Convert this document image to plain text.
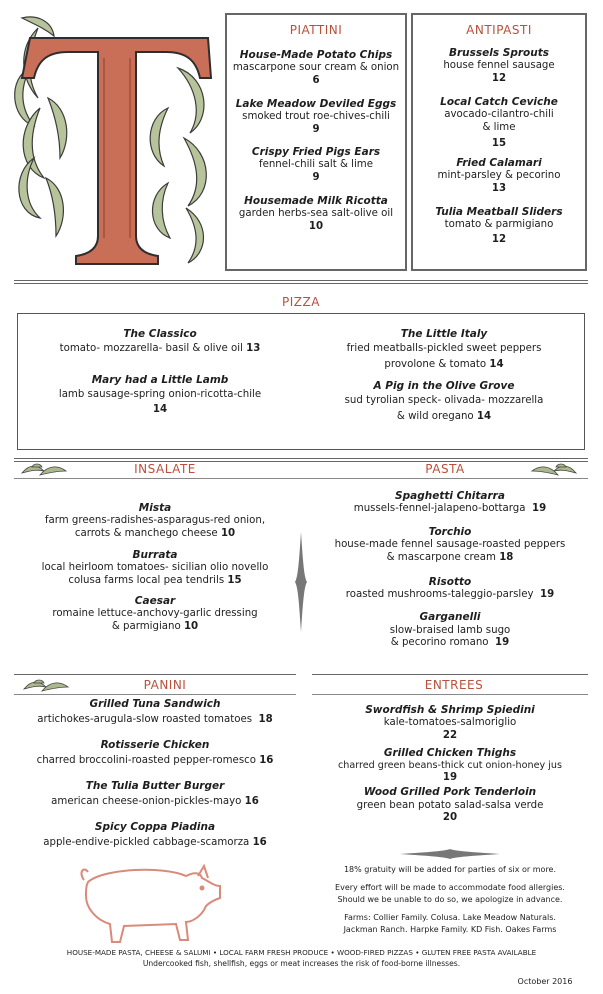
PIATTINI
House-Made Potato Chips
mascarpone sour cream & onion
6
Lake Meadow Deviled Eggs
smoked trout roe-chives-chili
9
Crispy Fried Pigs Ears
fennel-chili salt & lime
9
Housemade Milk Ricotta
garden herbs-sea salt-olive oil
10
ANTIPASTI
Brussels Sprouts
house fennel sausage
12
Local Catch Ceviche
avocado-cilantro-chili
& lime
15
Fried Calamari
mint-parsley & pecorino
13
Tulia Meatball Sliders
tomato & parmigiano
12
PIZZA
The Classico
tomato- mozzarella- basil & olive oil 13
Mary had a Little Lamb
lamb sausage-spring onion-ricotta-chile
14
The Little Italy
fried meatballs-pickled sweet peppers
provolone & tomato 14
A Pig in the Olive Grove
sud tyrolian speck- olivada- mozzarella
& wild oregano 14
INSALATE	PASTA
Mista
farm greens-radishes-asparagus-red onion,
carrots & manchego cheese 10
Burrata
local heirloom tomatoes- sicilian olio novello
colusa farms local pea tendrils 15
Caesar
romaine lettuce-anchovy-garlic dressing
& parmigiano 10
Spaghetti Chitarra
mussels-fennel-jalapeno-bottarga 19
Torchio
house-made fennel sausage-roasted peppers
& mascarpone cream 18
Risotto
roasted mushrooms-taleggio-parsley 19
Garganelli
slow-braised lamb sugo
& pecorino romano 19
PANINI	ENTREES
Grilled Tuna Sandwich
artichokes-arugula-slow roasted tomatoes 18
Rotisserie Chicken
charred broccolini-roasted pepper-romesco 16
The Tulia Butter Burger
american cheese-onion-pickles-mayo 16
Spicy Coppa Piadina
apple-endive-pickled cabbage-scamorza 16
Swordfish & Shrimp Spiedini
kale-tomatoes-salmoriglio
22
Grilled Chicken Thighs
charred green beans-thick cut onion-honey jus
19
Wood Grilled Pork Tenderloin
green bean potato salad-salsa verde
20
18% gratuity will be added for parties of six or more.
Every effort will be made to accommodate food allergies.
Should we be unable to do so, we apologize in advance.
Farms: Collier Family. Colusa. Lake Meadow Naturals.
Jackman Ranch. Harpke Family. KD Fish. Oakes Farms
HOUSE-MADE PASTA, CHEESE & SALUMI • LOCAL FARM FRESH PRODUCE • WOOD-FIRED PIZZAS • GLUTEN FREE PASTA AVAILABLE
Undercooked fish, shellfish, eggs or meat increases the risk of food-borne illnesses.
October 2016
